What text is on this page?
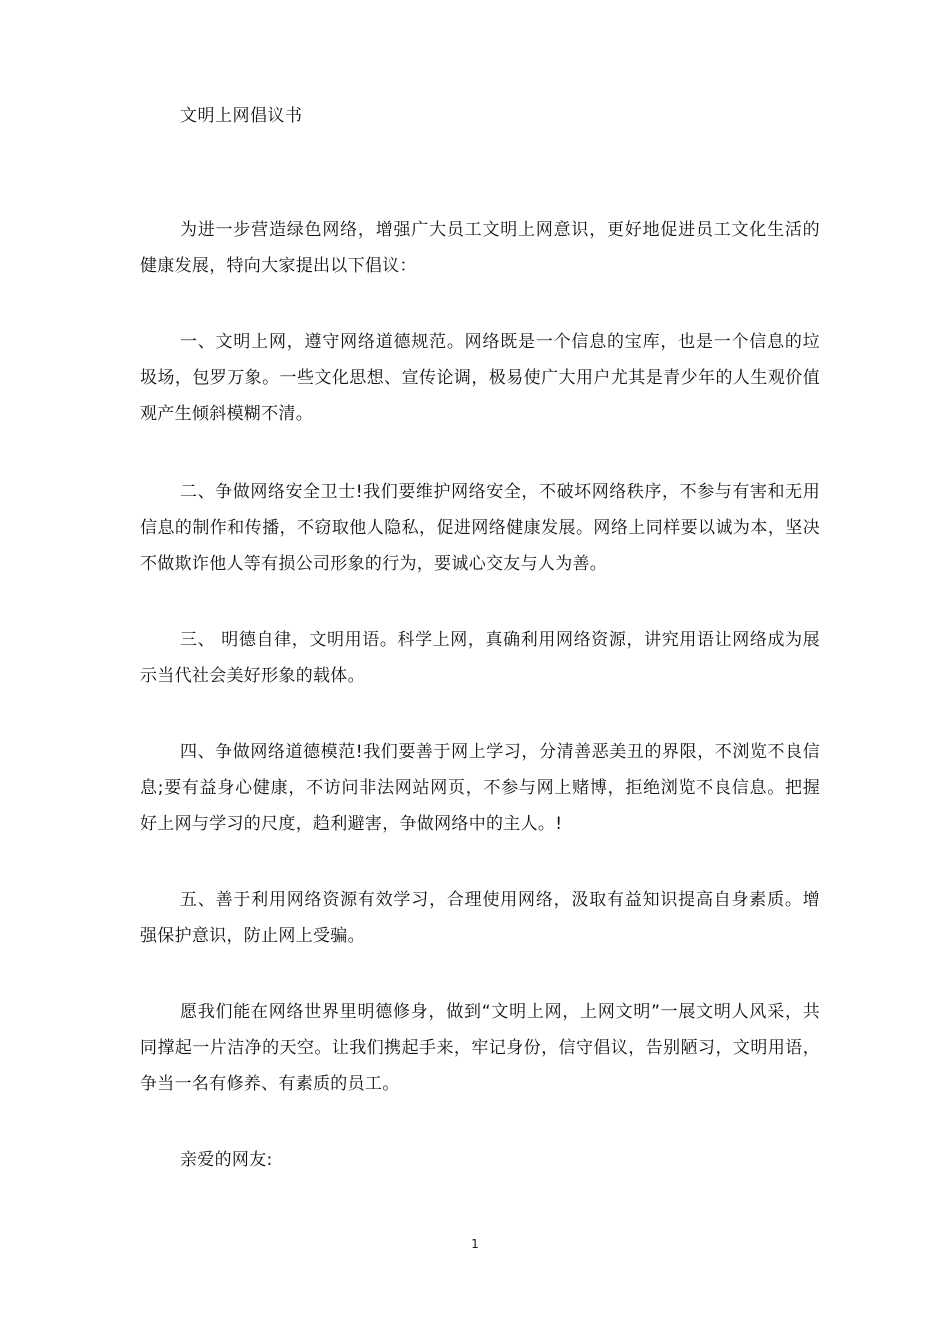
文明上网倡议书

为进一步营造绿色网络，增强广大员工文明上网意识，更好地促进员工文化生活的健康发展，特向大家提出以下倡议：

一、文明上网，遵守网络道德规范。网络既是一个信息的宝库，也是一个信息的垃圾场，包罗万象。一些文化思想、宣传论调，极易使广大用户尤其是青少年的人生观价值观产生倾斜模糊不清。

二、争做网络安全卫士!我们要维护网络安全，不破坏网络秩序，不参与有害和无用信息的制作和传播，不窃取他人隐私，促进网络健康发展。网络上同样要以诚为本，坚决不做欺诈他人等有损公司形象的行为，要诚心交友与人为善。

三、 明德自律，文明用语。科学上网，真确利用网络资源，讲究用语让网络成为展示当代社会美好形象的载体。

四、争做网络道德模范!我们要善于网上学习，分清善恶美丑的界限，不浏览不良信息;要有益身心健康，不访问非法网站网页，不参与网上赌博，拒绝浏览不良信息。把握好上网与学习的尺度，趋利避害，争做网络中的主人。!

五、善于利用网络资源有效学习，合理使用网络，汲取有益知识提高自身素质。增强保护意识，防止网上受骗。

愿我们能在网络世界里明德修身，做到“文明上网，上网文明”一展文明人风采，共同撑起一片洁净的天空。让我们携起手来，牢记身份，信守倡议，告别陋习，文明用语，争当一名有修养、有素质的员工。

亲爱的网友:

1
